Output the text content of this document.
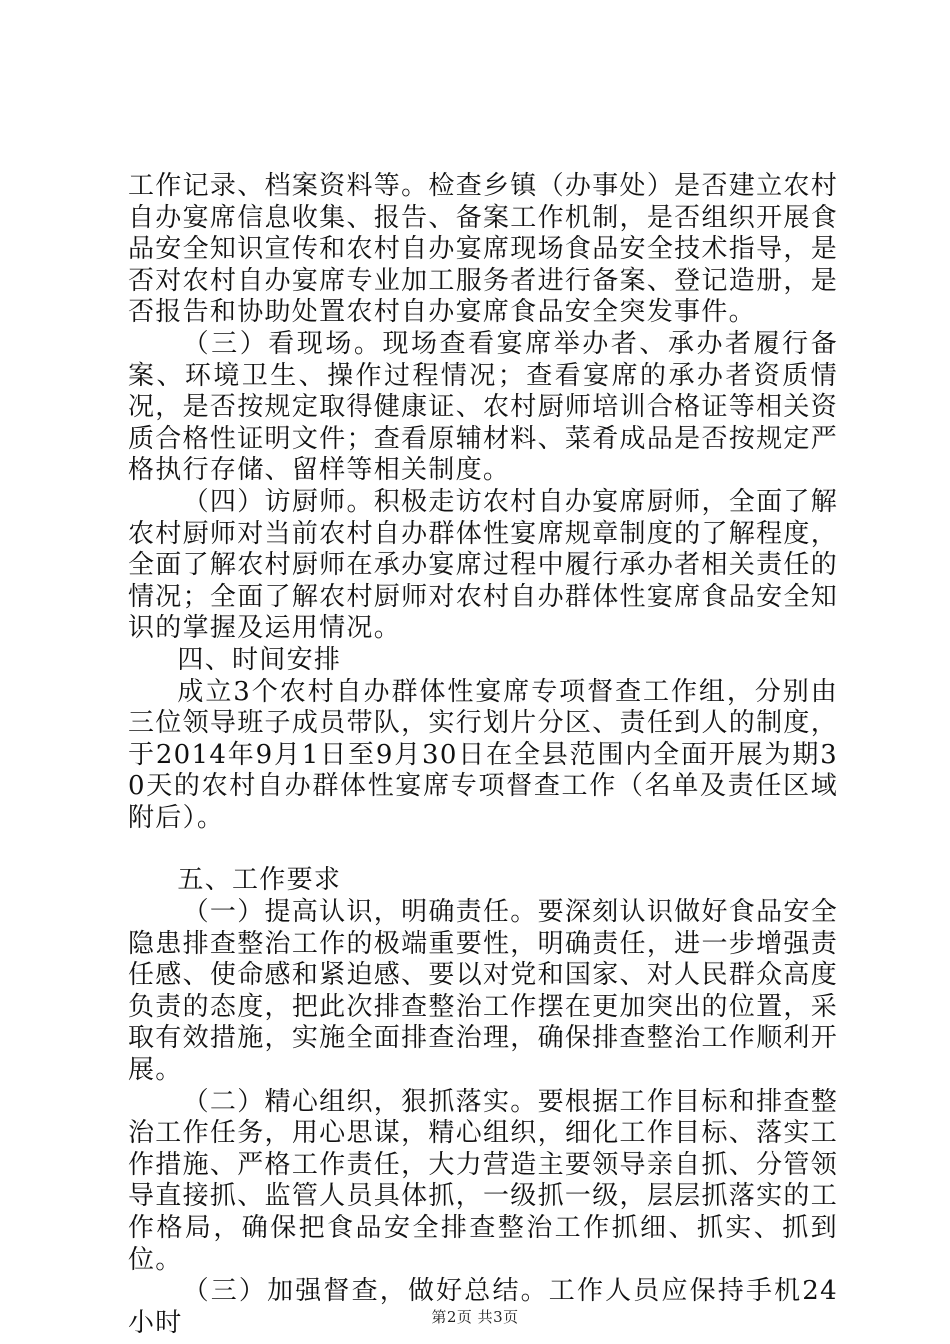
工作记录、档案资料等。检查乡镇（办事处）是否建立农村自办宴席信息收集、报告、备案工作机制，是否组织开展食品安全知识宣传和农村自办宴席现场食品安全技术指导，是否对农村自办宴席专业加工服务者进行备案、登记造册，是否报告和协助处置农村自办宴席食品安全突发事件。

（三）看现场。现场查看宴席举办者、承办者履行备案、环境卫生、操作过程情况；查看宴席的承办者资质情况，是否按规定取得健康证、农村厨师培训合格证等相关资质合格性证明文件；查看原辅材料、菜肴成品是否按规定严格执行存储、留样等相关制度。

（四）访厨师。积极走访农村自办宴席厨师，全面了解农村厨师对当前农村自办群体性宴席规章制度的了解程度，全面了解农村厨师在承办宴席过程中履行承办者相关责任的情况；全面了解农村厨师对农村自办群体性宴席食品安全知识的掌握及运用情况。

四、时间安排

成立3个农村自办群体性宴席专项督查工作组，分别由三位领导班子成员带队，实行划片分区、责任到人的制度，于2014年9月1日至9月30日在全县范围内全面开展为期30天的农村自办群体性宴席专项督查工作（名单及责任区域附后）。

五、工作要求

（一）提高认识，明确责任。要深刻认识做好食品安全隐患排查整治工作的极端重要性，明确责任，进一步增强责任感、使命感和紧迫感、要以对党和国家、对人民群众高度负责的态度，把此次排查整治工作摆在更加突出的位置，采取有效措施，实施全面排查治理，确保排查整治工作顺利开展。

（二）精心组织，狠抓落实。要根据工作目标和排查整治工作任务，用心思谋，精心组织，细化工作目标、落实工作措施、严格工作责任，大力营造主要领导亲自抓、分管领导直接抓、监管人员具体抓，一级抓一级，层层抓落实的工作格局，确保把食品安全排查整治工作抓细、抓实、抓到位。

（三）加强督查，做好总结。工作人员应保持手机24小时	第2页 共3页
